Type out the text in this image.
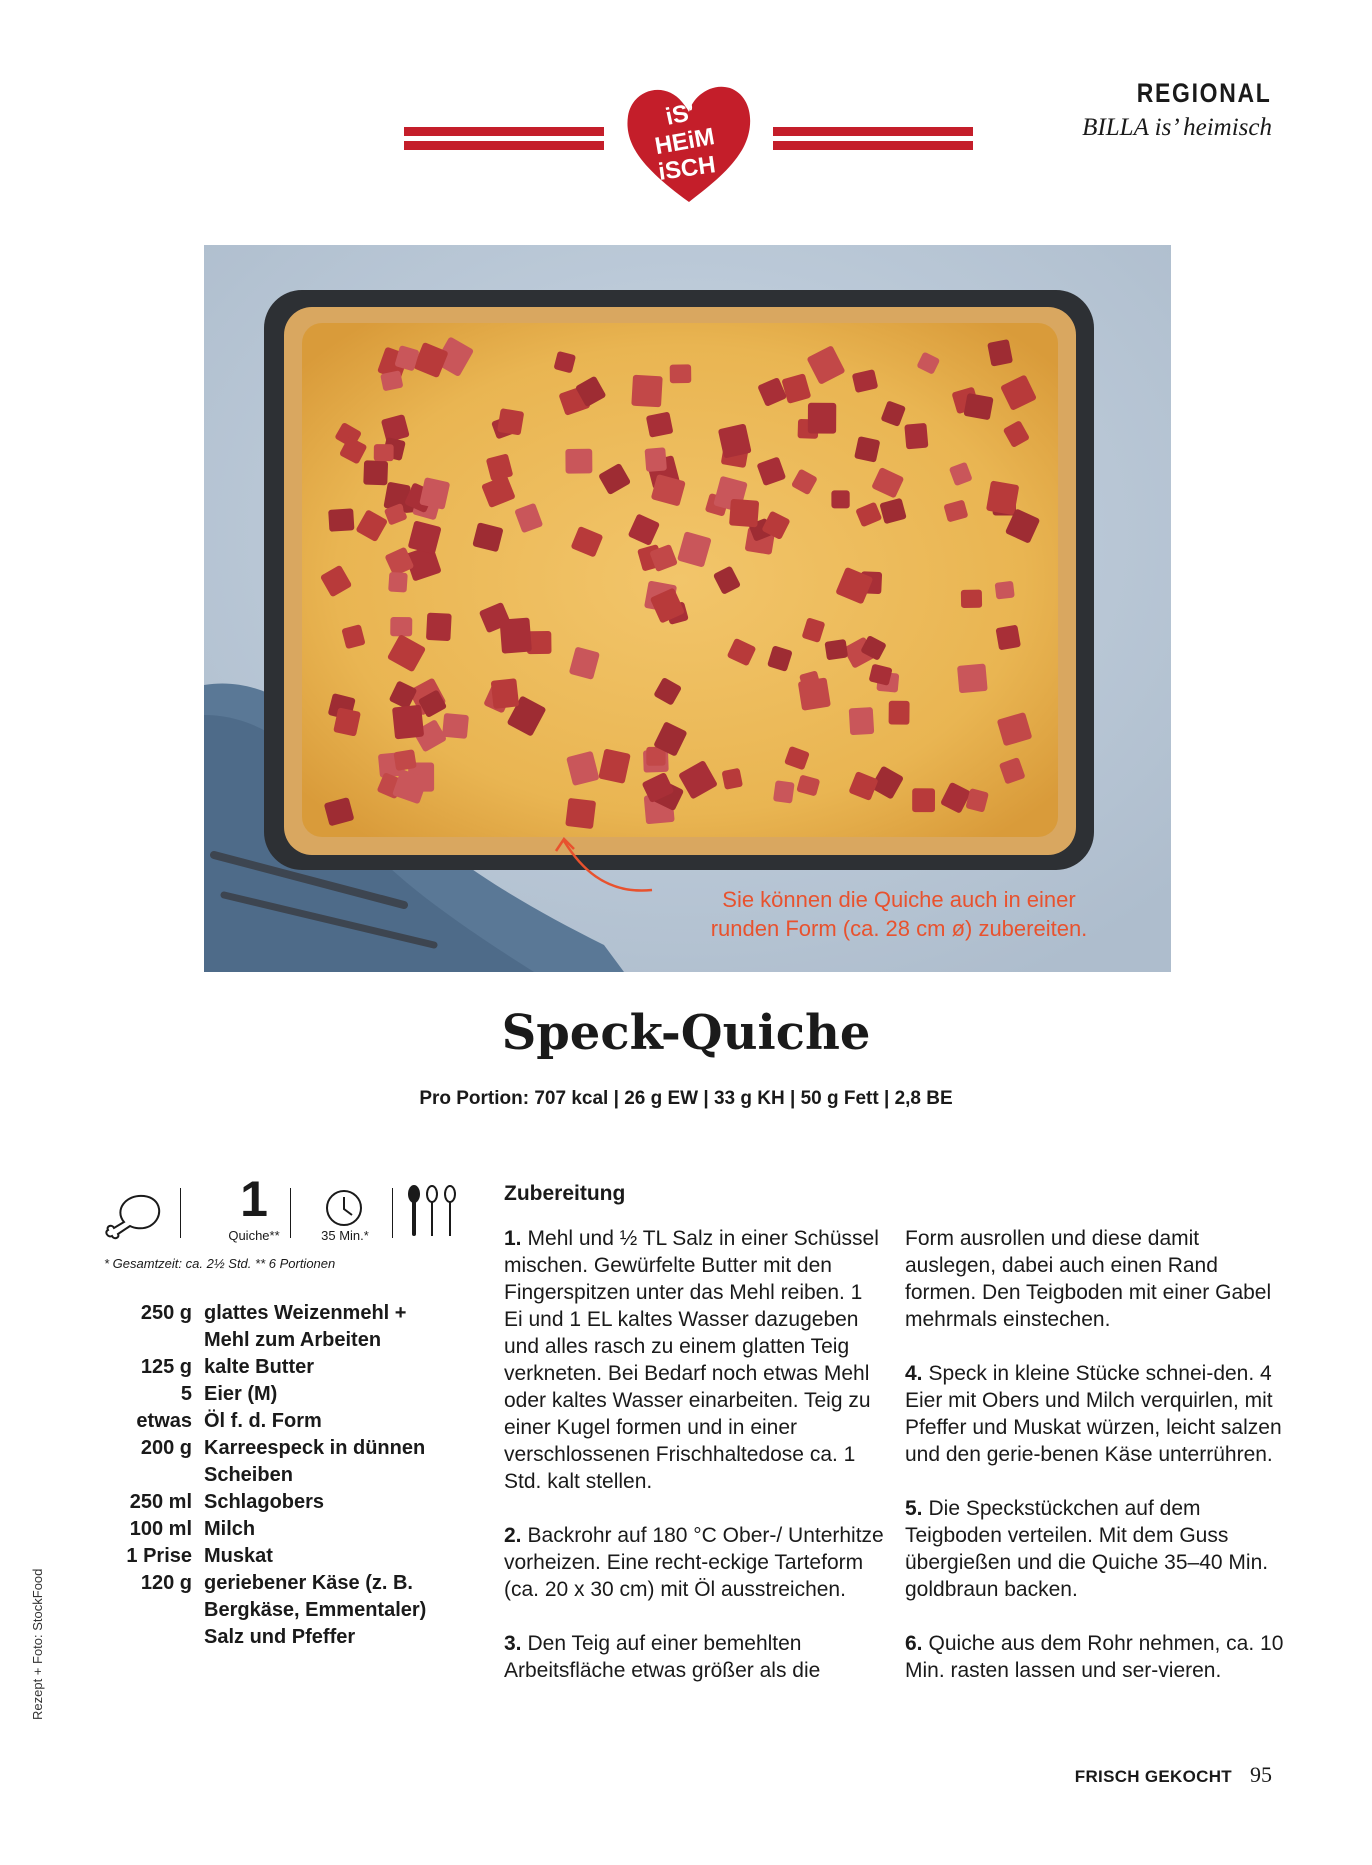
iS’
HEiM
iSCH
REGIONAL
BILLA is’ heimisch
Sie können die Quiche auch in einer
runden Form (ca. 28 cm ø) zubereiten.
Speck-Quiche
Pro Portion: 707 kcal | 26 g EW | 33 g KH | 50 g Fett | 2,8 BE
1
Quiche**	35 Min.*
* Gesamtzeit: ca. 2½ Std. ** 6 Portionen
250 g glattes Weizenmehl +
Mehl zum Arbeiten
125 g kalte Butter
5 Eier (M)
etwas Öl f. d. Form
200 g Karreespeck in dünnen
Scheiben
250 ml Schlagobers
100 ml Milch
1 Prise Muskat
120 g geriebener Käse (z. B.
Bergkäse, Emmentaler)
Salz und Pfeffer
Rezept + Foto: StockFood
Zubereitung
1. Mehl und ½ TL Salz in einer Schüssel mischen. Gewürfelte Butter mit den Fingerspitzen unter das Mehl reiben. 1 Ei und 1 EL kaltes Wasser dazugeben und alles rasch zu einem glatten Teig verkneten. Bei Bedarf noch etwas Mehl oder kaltes Wasser einarbeiten. Teig zu einer Kugel formen und in einer verschlossenen Frischhaltedose ca. 1 Std. kalt stellen.
2. Backrohr auf 180 °C Ober-/ Unterhitze vorheizen. Eine recht-eckige Tarteform (ca. 20 x 30 cm) mit Öl ausstreichen.
3. Den Teig auf einer bemehlten Arbeitsfläche etwas größer als die
Form ausrollen und diese damit auslegen, dabei auch einen Rand formen. Den Teigboden mit einer Gabel mehrmals einstechen.
4. Speck in kleine Stücke schnei-den. 4 Eier mit Obers und Milch verquirlen, mit Pfeffer und Muskat würzen, leicht salzen und den gerie-benen Käse unterrühren.
5. Die Speckstückchen auf dem Teigboden verteilen. Mit dem Guss übergießen und die Quiche 35–40 Min. goldbraun backen.
6. Quiche aus dem Rohr nehmen, ca. 10 Min. rasten lassen und ser-vieren.
FRISCH GEKOCHT 95
